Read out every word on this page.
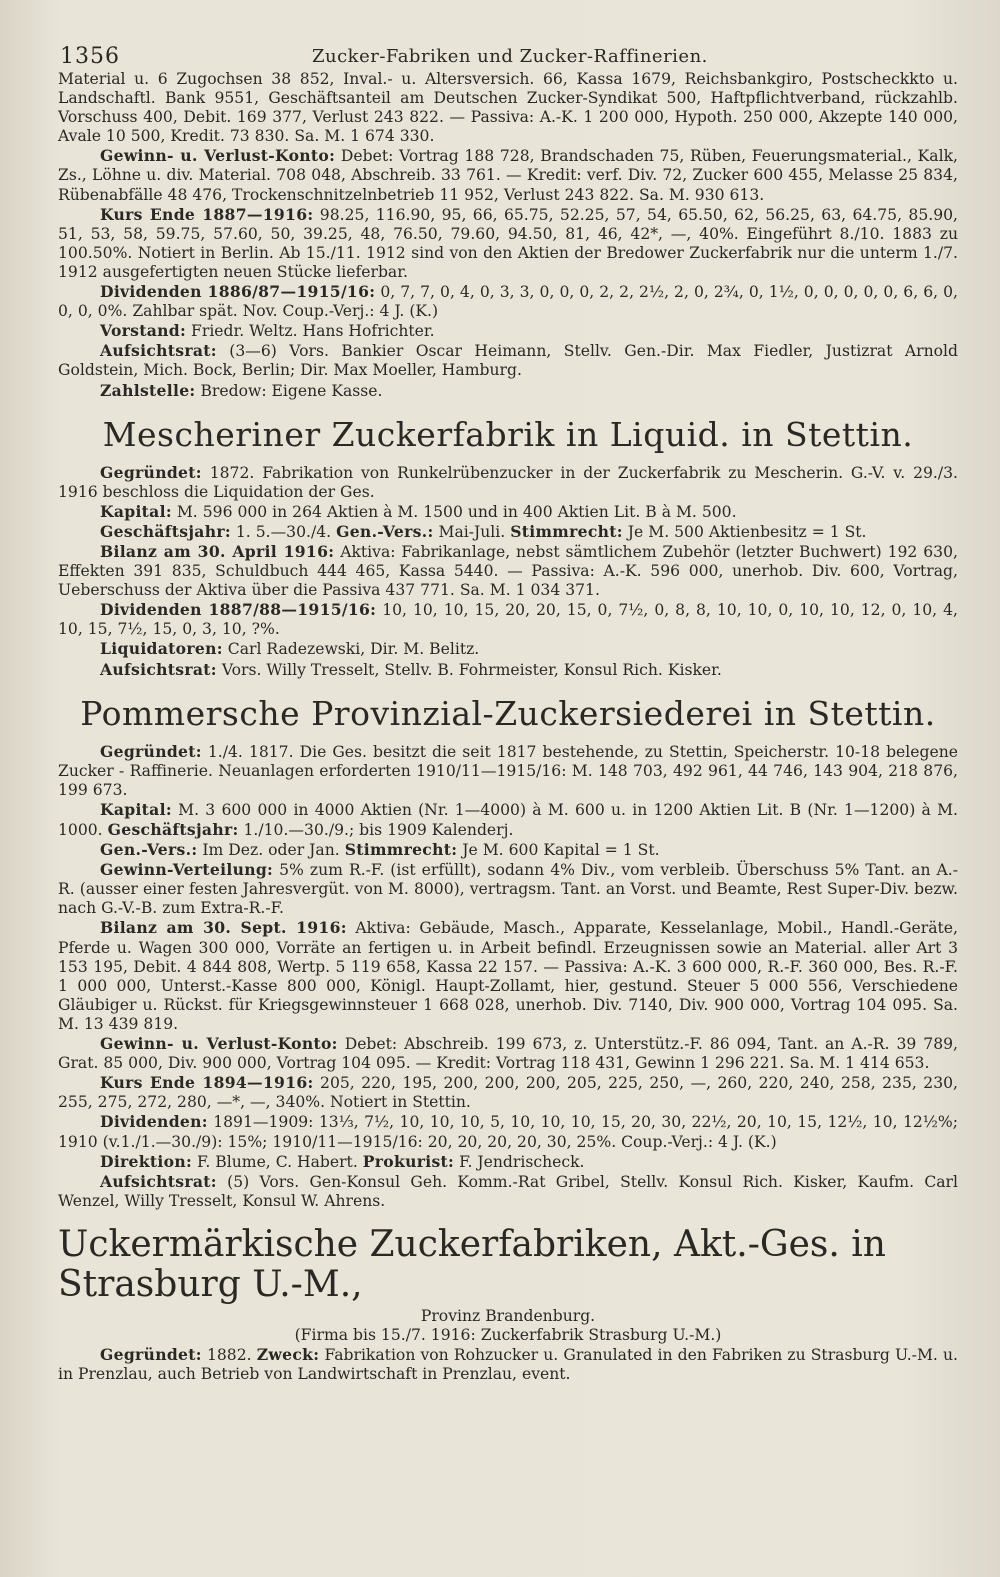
1356	Zucker-Fabriken und Zucker-Raffinerien.

Material u. 6 Zugochsen 38 852, Inval.- u. Altersversich. 66, Kassa 1679, Reichsbankgiro, Postscheckkto u. Landschaftl. Bank 9551, Geschäftsanteil am Deutschen Zucker-Syndikat 500, Haftpflichtverband, rückzahlb. Vorschuss 400, Debit. 169 377, Verlust 243 822. — Passiva: A.-K. 1 200 000, Hypoth. 250 000, Akzepte 140 000, Avale 10 500, Kredit. 73 830. Sa. M. 1 674 330.

Gewinn- u. Verlust-Konto: Debet: Vortrag 188 728, Brandschaden 75, Rüben, Feuerungsmaterial., Kalk, Zs., Löhne u. div. Material. 708 048, Abschreib. 33 761. — Kredit: verf. Div. 72, Zucker 600 455, Melasse 25 834, Rübenabfälle 48 476, Trockenschnitzelnbetrieb 11 952, Verlust 243 822. Sa. M. 930 613.

Kurs Ende 1887—1916: 98.25, 116.90, 95, 66, 65.75, 52.25, 57, 54, 65.50, 62, 56.25, 63, 64.75, 85.90, 51, 53, 58, 59.75, 57.60, 50, 39.25, 48, 76.50, 79.60, 94.50, 81, 46, 42*, —, 40%. Eingeführt 8./10. 1883 zu 100.50%. Notiert in Berlin. Ab 15./11. 1912 sind von den Aktien der Bredower Zuckerfabrik nur die unterm 1./7. 1912 ausgefertigten neuen Stücke lieferbar.

Dividenden 1886/87—1915/16: 0, 7, 7, 0, 4, 0, 3, 3, 0, 0, 0, 2, 2, 2½, 2, 0, 2¾, 0, 1½, 0, 0, 0, 0, 0, 6, 6, 0, 0, 0, 0%. Zahlbar spät. Nov. Coup.-Verj.: 4 J. (K.)

Vorstand: Friedr. Weltz. Hans Hofrichter.

Aufsichtsrat: (3—6) Vors. Bankier Oscar Heimann, Stellv. Gen.-Dir. Max Fiedler, Justizrat Arnold Goldstein, Mich. Bock, Berlin; Dir. Max Moeller, Hamburg.

Zahlstelle: Bredow: Eigene Kasse.

Mescheriner Zuckerfabrik in Liquid. in Stettin.

Gegründet: 1872. Fabrikation von Runkelrübenzucker in der Zuckerfabrik zu Mescherin. G.-V. v. 29./3. 1916 beschloss die Liquidation der Ges.

Kapital: M. 596 000 in 264 Aktien à M. 1500 und in 400 Aktien Lit. B à M. 500.

Geschäftsjahr: 1. 5.—30./4. Gen.-Vers.: Mai-Juli. Stimmrecht: Je M. 500 Aktienbesitz = 1 St.

Bilanz am 30. April 1916: Aktiva: Fabrikanlage, nebst sämtlichem Zubehör (letzter Buchwert) 192 630, Effekten 391 835, Schuldbuch 444 465, Kassa 5440. — Passiva: A.-K. 596 000, unerhob. Div. 600, Vortrag, Ueberschuss der Aktiva über die Passiva 437 771. Sa. M. 1 034 371.

Dividenden 1887/88—1915/16: 10, 10, 10, 15, 20, 20, 15, 0, 7½, 0, 8, 8, 10, 10, 0, 10, 10, 12, 0, 10, 4, 10, 15, 7½, 15, 0, 3, 10, ?%.

Liquidatoren: Carl Radezewski, Dir. M. Belitz.

Aufsichtsrat: Vors. Willy Tresselt, Stellv. B. Fohrmeister, Konsul Rich. Kisker.

Pommersche Provinzial-Zuckersiederei in Stettin.

Gegründet: 1./4. 1817. Die Ges. besitzt die seit 1817 bestehende, zu Stettin, Speicherstr. 10-18 belegene Zucker - Raffinerie. Neuanlagen erforderten 1910/11—1915/16: M. 148 703, 492 961, 44 746, 143 904, 218 876, 199 673.

Kapital: M. 3 600 000 in 4000 Aktien (Nr. 1—4000) à M. 600 u. in 1200 Aktien Lit. B (Nr. 1—1200) à M. 1000. Geschäftsjahr: 1./10.—30./9.; bis 1909 Kalenderj.

Gen.-Vers.: Im Dez. oder Jan. Stimmrecht: Je M. 600 Kapital = 1 St.

Gewinn-Verteilung: 5% zum R.-F. (ist erfüllt), sodann 4% Div., vom verbleib. Überschuss 5% Tant. an A.-R. (ausser einer festen Jahresvergüt. von M. 8000), vertragsm. Tant. an Vorst. und Beamte, Rest Super-Div. bezw. nach G.-V.-B. zum Extra-R.-F.

Bilanz am 30. Sept. 1916: Aktiva: Gebäude, Masch., Apparate, Kesselanlage, Mobil., Handl.-Geräte, Pferde u. Wagen 300 000, Vorräte an fertigen u. in Arbeit befindl. Erzeugnissen sowie an Material. aller Art 3 153 195, Debit. 4 844 808, Wertp. 5 119 658, Kassa 22 157. — Passiva: A.-K. 3 600 000, R.-F. 360 000, Bes. R.-F. 1 000 000, Unterst.-Kasse 800 000, Königl. Haupt-Zollamt, hier, gestund. Steuer 5 000 556, Verschiedene Gläubiger u. Rückst. für Kriegsgewinnsteuer 1 668 028, unerhob. Div. 7140, Div. 900 000, Vortrag 104 095. Sa. M. 13 439 819.

Gewinn- u. Verlust-Konto: Debet: Abschreib. 199 673, z. Unterstütz.-F. 86 094, Tant. an A.-R. 39 789, Grat. 85 000, Div. 900 000, Vortrag 104 095. — Kredit: Vortrag 118 431, Gewinn 1 296 221. Sa. M. 1 414 653.

Kurs Ende 1894—1916: 205, 220, 195, 200, 200, 200, 205, 225, 250, —, 260, 220, 240, 258, 235, 230, 255, 275, 272, 280, —*, —, 340%. Notiert in Stettin.

Dividenden: 1891—1909: 13⅓, 7½, 10, 10, 10, 5, 10, 10, 10, 15, 20, 30, 22½, 20, 10, 15, 12½, 10, 12½%; 1910 (v.1./1.—30./9): 15%; 1910/11—1915/16: 20, 20, 20, 20, 30, 25%. Coup.-Verj.: 4 J. (K.)

Direktion: F. Blume, C. Habert. Prokurist: F. Jendrischeck.

Aufsichtsrat: (5) Vors. Gen-Konsul Geh. Komm.-Rat Gribel, Stellv. Konsul Rich. Kisker, Kaufm. Carl Wenzel, Willy Tresselt, Konsul W. Ahrens.

Uckermärkische Zuckerfabriken, Akt.-Ges. in Strasburg U.-M.,

Provinz Brandenburg.

(Firma bis 15./7. 1916: Zuckerfabrik Strasburg U.-M.)

Gegründet: 1882. Zweck: Fabrikation von Rohzucker u. Granulated in den Fabriken zu Strasburg U.-M. u. in Prenzlau, auch Betrieb von Landwirtschaft in Prenzlau, event.
